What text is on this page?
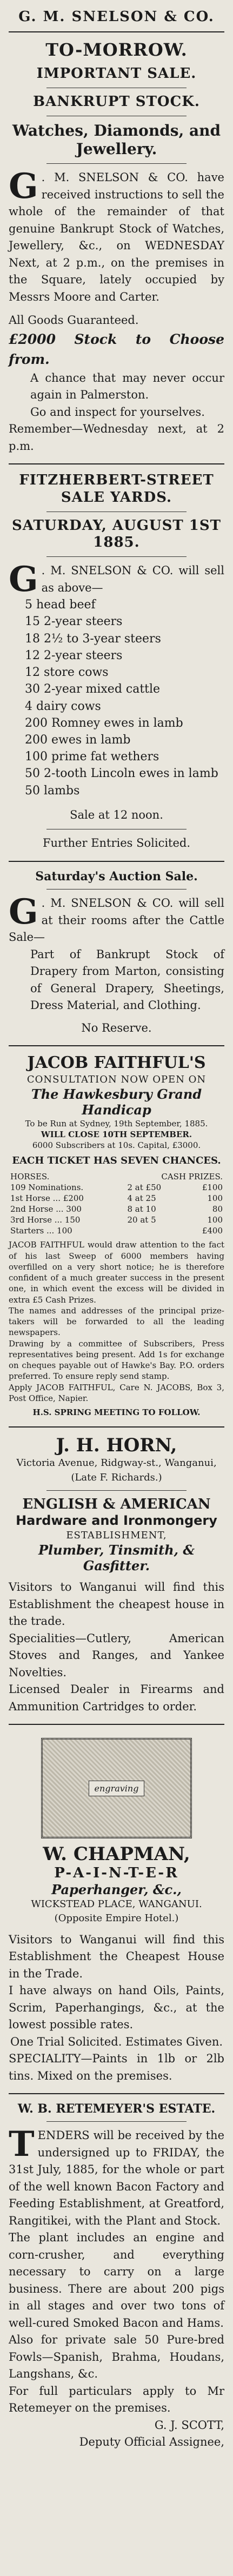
G. M. SNELSON & CO.
TO-MORROW.
IMPORTANT SALE.
BANKRUPT STOCK.
Watches, Diamonds, and Jewellery.
G . M. SNELSON & CO. have received instructions to sell the whole of the remainder of that genuine Bankrupt Stock of Watches, Jewellery, &c., on WEDNESDAY Next, at 2 p.m., on the premises in the Square, lately occupied by Messrs Moore and Carter.
All Goods Guaranteed.
£2000 Stock to Choose from.
A chance that may never occur again in Palmerston.
Go and inspect for yourselves.
Remember—Wednesday next, at 2 p.m.
FITZHERBERT-STREET SALE YARDS.
SATURDAY, AUGUST 1ST 1885.
G . M. SNELSON & CO. will sell as above—
5 head beef
15 2-year steers
18 2½ to 3-year steers
12 2-year steers
12 store cows
30 2-year mixed cattle
4 dairy cows
200 Romney ewes in lamb
200 ewes in lamb
100 prime fat wethers
50 2-tooth Lincoln ewes in lamb
50 lambs
Sale at 12 noon.
Further Entries Solicited.
Saturday's Auction Sale.
G . M. SNELSON & CO. will sell at their rooms after the Cattle Sale—
Part of Bankrupt Stock of Drapery from Marton, consisting of General Drapery, Sheetings, Dress Material, and Clothing.
No Reserve.
JACOB FAITHFUL'S
CONSULTATION NOW OPEN ON
The Hawkesbury Grand Handicap
To be Run at Sydney, 19th September, 1885.
WILL CLOSE 10TH SEPTEMBER.
6000 Subscribers at 10s. Capital, £3000.
EACH TICKET HAS SEVEN CHANCES.
HORSES.	CASH PRIZES.	
109 Nominations.	2 at £50	£100
1st Horse ... £200	4 at 25	100
2nd Horse ... 300	8 at 10	80
3rd Horse ... 150	20 at 5	100
Starters ... 100		£400
JACOB FAITHFUL would draw attention to the fact of his last Sweep of 6000 members having overfilled on a very short notice; he is therefore confident of a much greater success in the present one, in which event the excess will be divided in extra £5 Cash Prizes.
The names and addresses of the principal prize-takers will be forwarded to all the leading newspapers.
Drawing by a committee of Subscribers, Press representatives being present. Add 1s for exchange on cheques payable out of Hawke's Bay. P.O. orders preferred. To ensure reply send stamp.
Apply JACOB FAITHFUL, Care N. JACOBS, Box 3, Post Office, Napier.
H.S. SPRING MEETING TO FOLLOW.
J. H. HORN,
Victoria Avenue, Ridgway-st., Wanganui, (Late F. Richards.)
ENGLISH & AMERICAN
Hardware and Ironmongery
ESTABLISHMENT,
Plumber, Tinsmith, & Gasfitter.
Visitors to Wanganui will find this Establishment the cheapest house in the trade.
Specialities—Cutlery, American Stoves and Ranges, and Yankee Novelties.
Licensed Dealer in Firearms and Ammunition Cartridges to order.
engraving
W. CHAPMAN,
P-A-I-N-T-E-R
Paperhanger, &c.,
WICKSTEAD PLACE, WANGANUI.
(Opposite Empire Hotel.)
Visitors to Wanganui will find this Establishment the Cheapest House in the Trade.
I have always on hand Oils, Paints, Scrim, Paperhangings, &c., at the lowest possible rates.
One Trial Solicited. Estimates Given.
SPECIALITY—Paints in 1lb or 2lb tins. Mixed on the premises.
W. B. RETEMEYER'S ESTATE.
TENDERS will be received by the undersigned up to FRIDAY, the 31st July, 1885, for the whole or part of the well known Bacon Factory and Feeding Establishment, at Greatford, Rangitikei, with the Plant and Stock.
The plant includes an engine and corn-crusher, and everything necessary to carry on a large business. There are about 200 pigs in all stages and over two tons of well-cured Smoked Bacon and Hams.
Also for private sale 50 Pure-bred Fowls—Spanish, Brahma, Houdans, Langshans, &c.
For full particulars apply to Mr Retemeyer on the premises.
G. J. SCOTT,
Deputy Official Assignee,
